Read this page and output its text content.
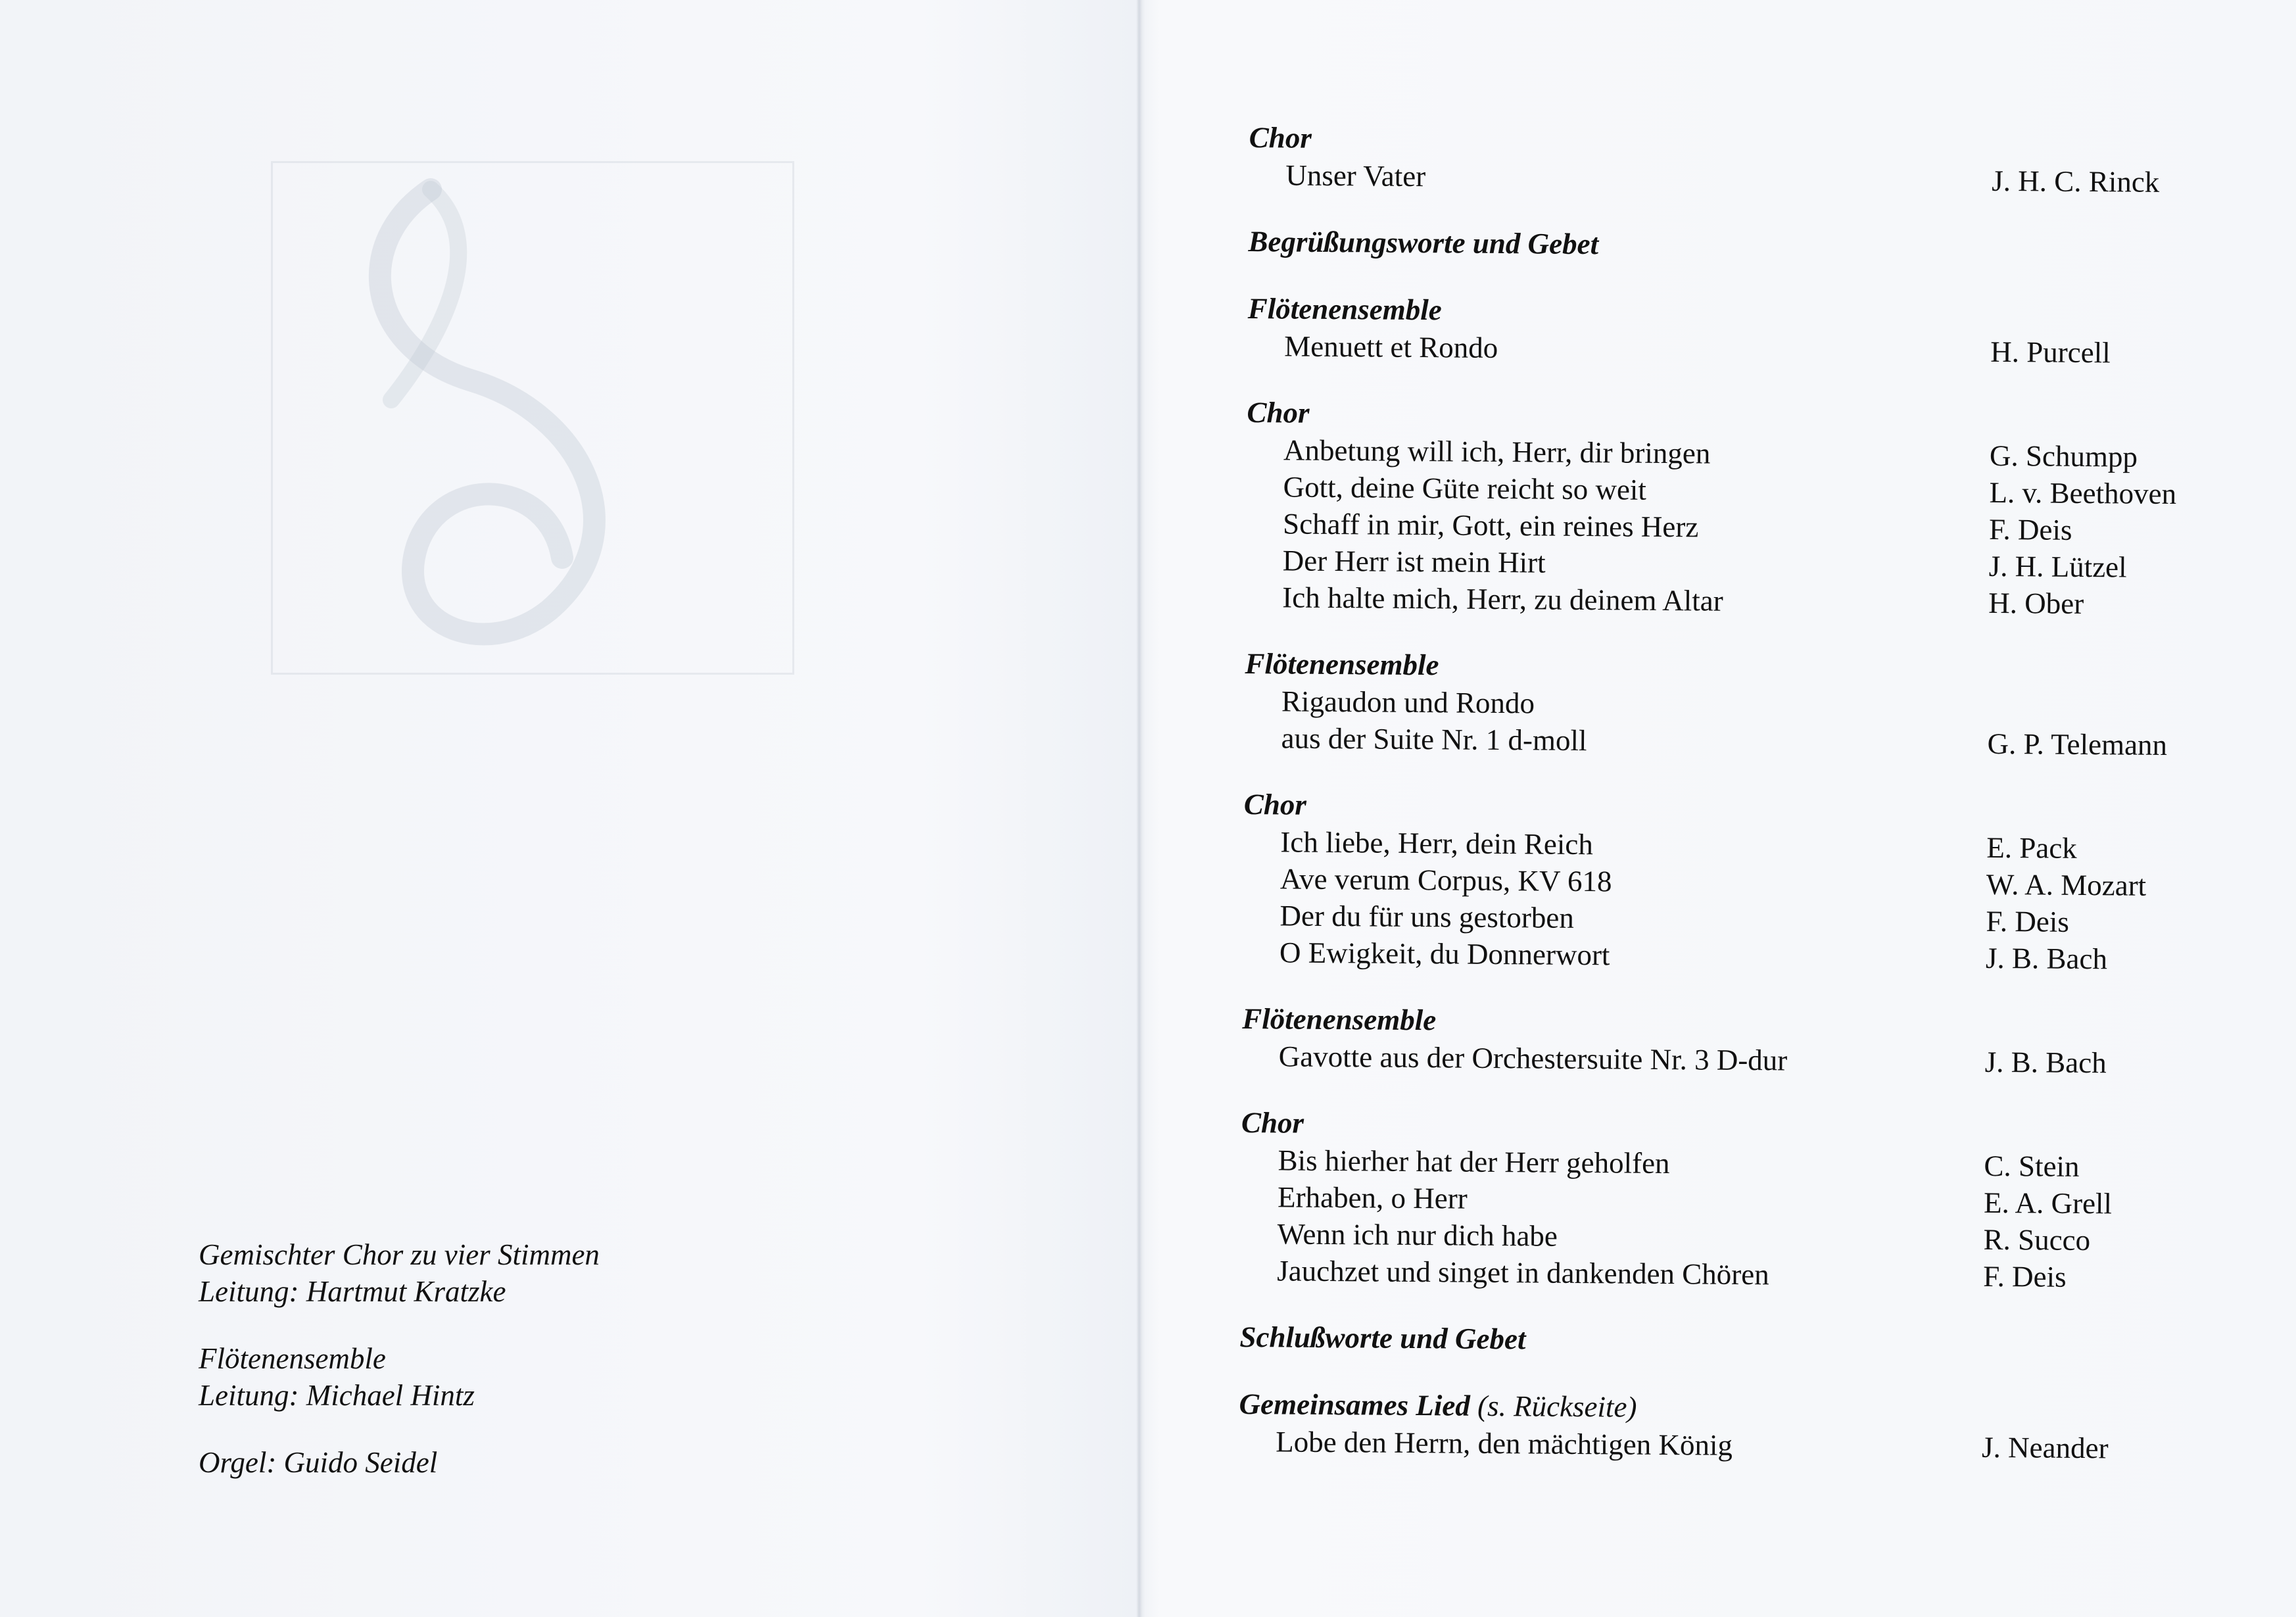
Gemischter Chor zu vier Stimmen
Leitung: Hartmut Kratzke
Flötenensemble
Leitung: Michael Hintz
Orgel: Guido Seidel
Chor
Unser Vater	J. H. C. Rinck
Begrüßungsworte und Gebet
Flötenensemble
Menuett et Rondo	H. Purcell
Chor
Anbetung will ich, Herr, dir bringen	G. Schumpp
Gott, deine Güte reicht so weit	L. v. Beethoven
Schaff in mir, Gott, ein reines Herz	F. Deis
Der Herr ist mein Hirt	J. H. Lützel
Ich halte mich, Herr, zu deinem Altar	H. Ober
Flötenensemble
Rigaudon und Rondo
aus der Suite Nr. 1 d-moll	G. P. Telemann
Chor
Ich liebe, Herr, dein Reich	E. Pack
Ave verum Corpus, KV 618	W. A. Mozart
Der du für uns gestorben	F. Deis
O Ewigkeit, du Donnerwort	J. B. Bach
Flötenensemble
Gavotte aus der Orchestersuite Nr. 3 D-dur	J. B. Bach
Chor
Bis hierher hat der Herr geholfen	C. Stein
Erhaben, o Herr	E. A. Grell
Wenn ich nur dich habe	R. Succo
Jauchzet und singet in dankenden Chören	F. Deis
Schlußworte und Gebet
Gemeinsames Lied (s. Rückseite)
Lobe den Herrn, den mächtigen König	J. Neander
